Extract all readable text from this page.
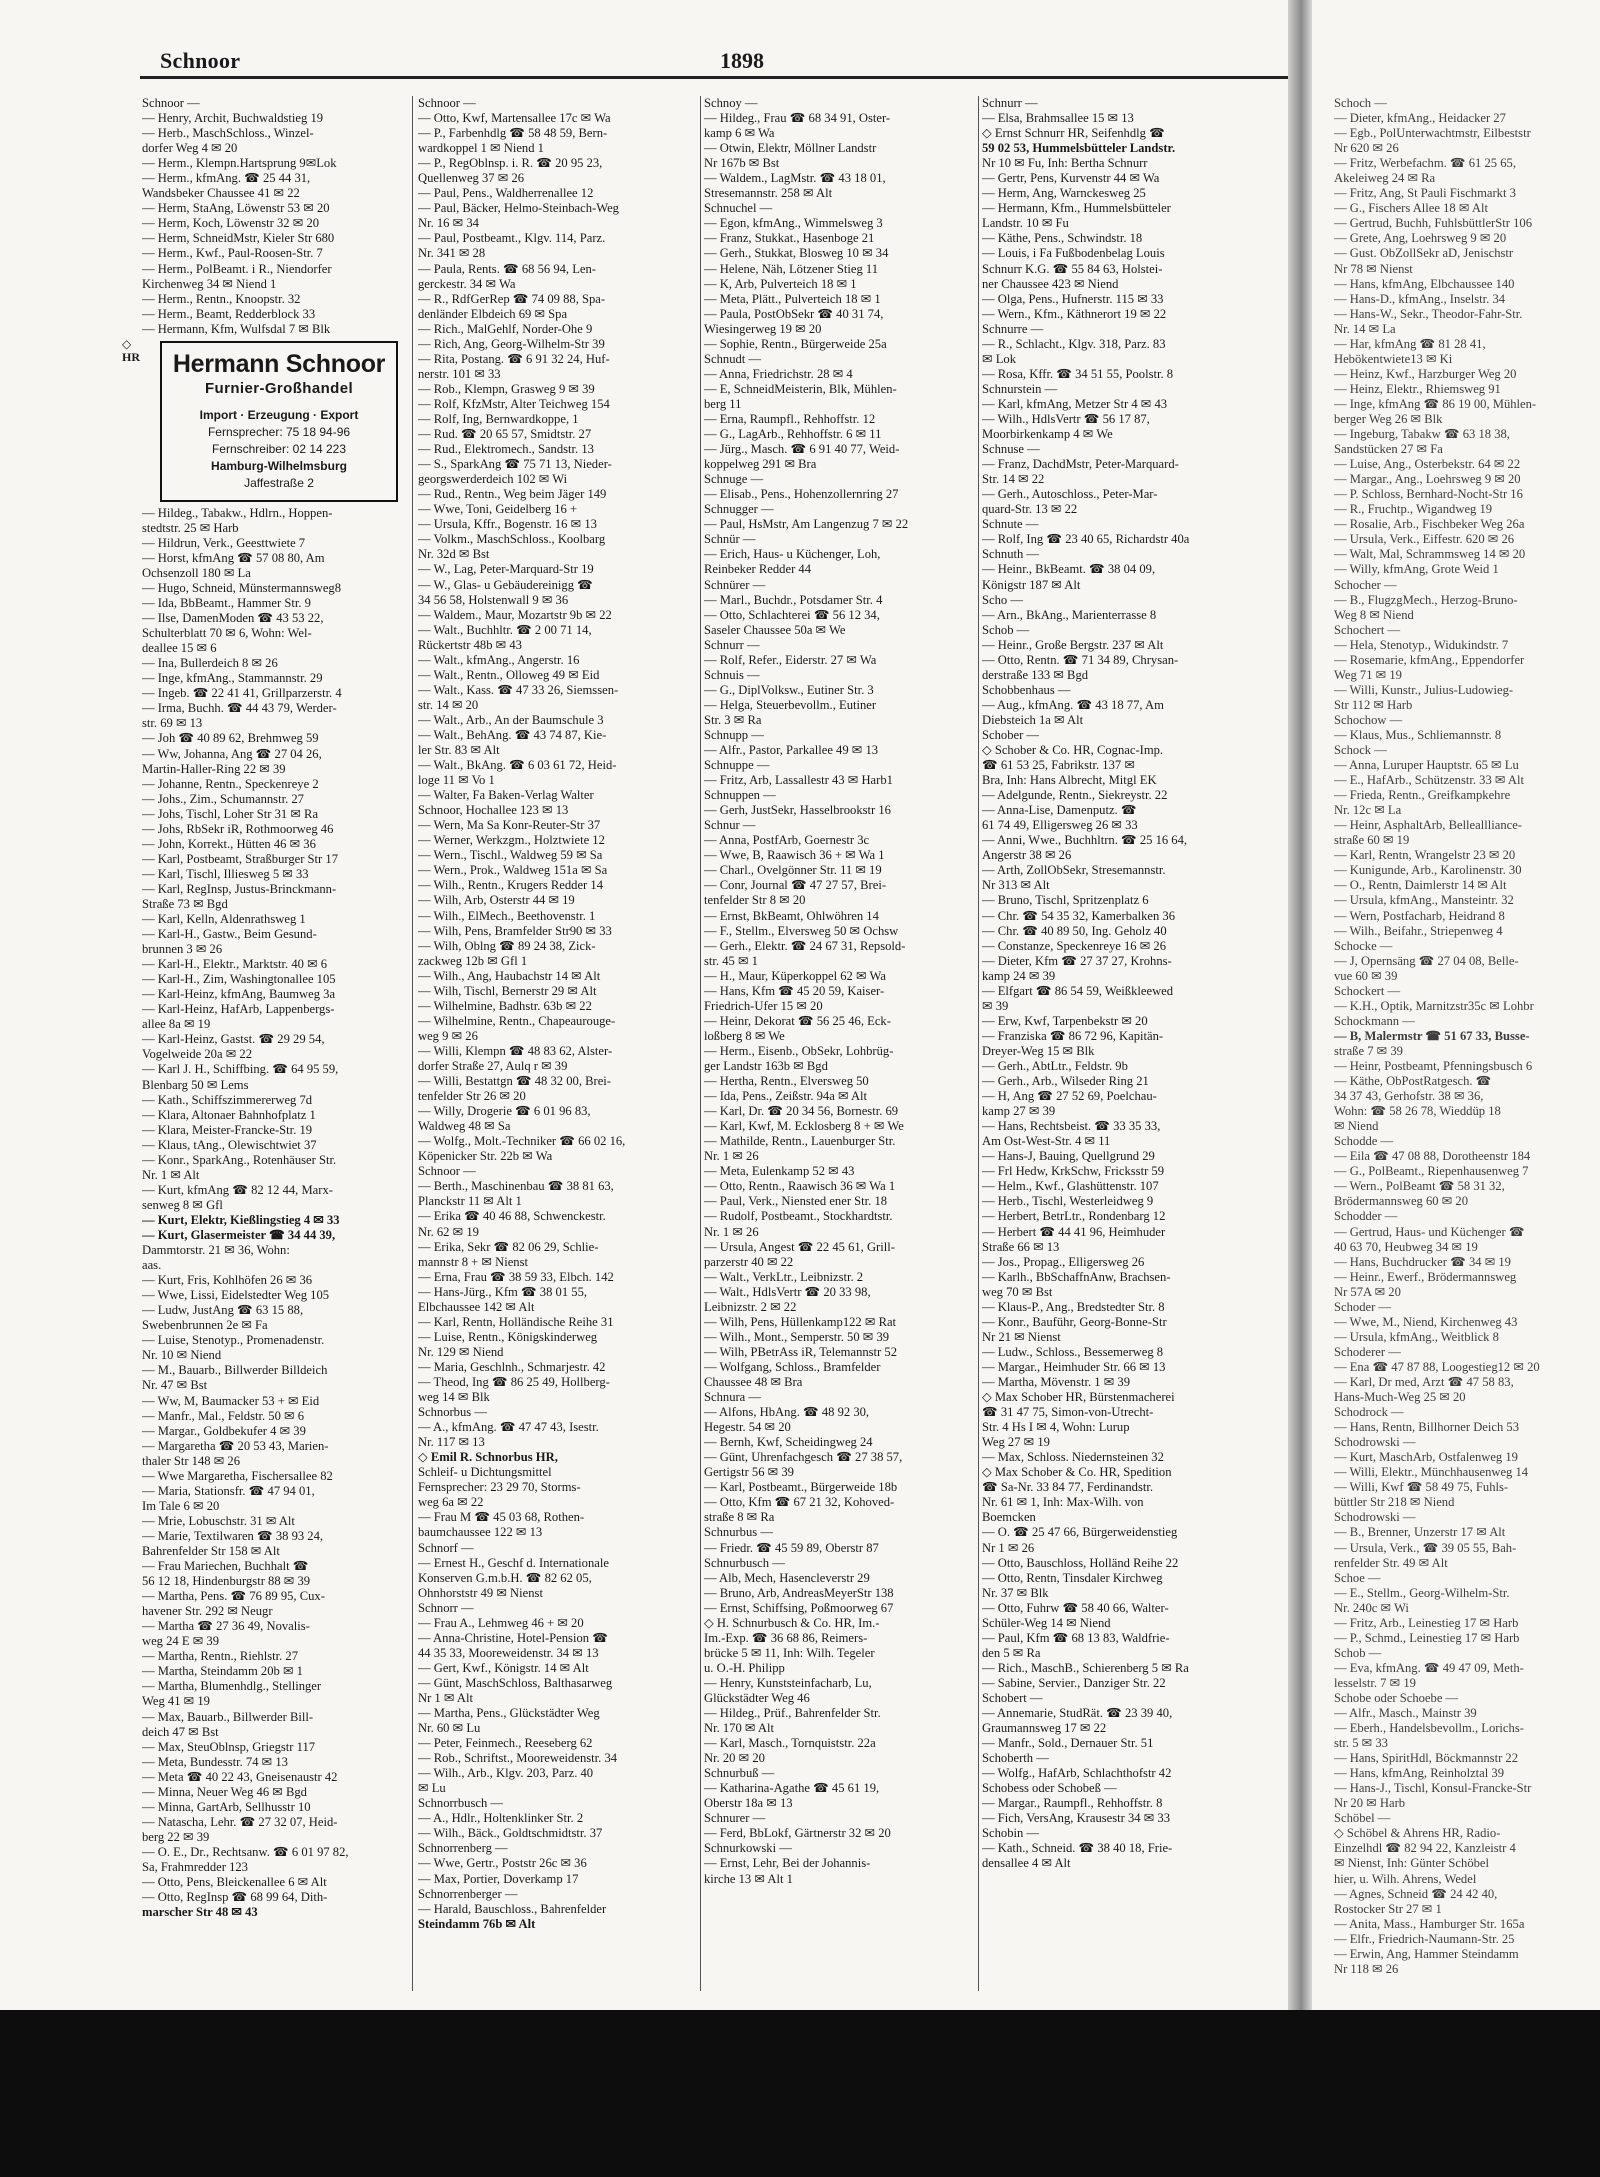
Schnoor	1898
◇
HR
Schnoor —
— Henry, Archit, Buchwaldstieg 19
— Herb., MaschSchloss., Winzel-
dorfer Weg 4 ✉ 20
— Herm., Klempn.Hartsprung 9✉Lok
— Herm., kfmAng. ☎ 25 44 31,
Wandsbeker Chaussee 41 ✉ 22
— Herm, StaAng, Löwenstr 53 ✉ 20
— Herm, Koch, Löwenstr 32 ✉ 20
— Herm, SchneidMstr, Kieler Str 680
— Herm., Kwf., Paul-Roosen-Str. 7
— Herm., PolBeamt. i R., Niendorfer
Kirchenweg 34 ✉ Niend 1
— Herm., Rentn., Knoopstr. 32
— Herm., Beamt, Redderblock 33
— Hermann, Kfm, Wulfsdal 7 ✉ Blk
Hermann Schnoor
Furnier-Großhandel
Import · Erzeugung · Export
Fernsprecher: 75 18 94-96
Fernschreiber: 02 14 223
Hamburg-Wilhelmsburg
Jaffestraße 2
— Hildeg., Tabakw., Hdlrn., Hoppen-
stedtstr. 25 ✉ Harb
— Hildrun, Verk., Geesttwiete 7
— Horst, kfmAng ☎ 57 08 80, Am
Ochsenzoll 180 ✉ La
— Hugo, Schneid, Münstermannsweg8
— Ida, BbBeamt., Hammer Str. 9
— Ilse, DamenModen ☎ 43 53 22,
Schulterblatt 70 ✉ 6, Wohn: Wel-
deallee 15 ✉ 6
— Ina, Bullerdeich 8 ✉ 26
— Inge, kfmAng., Stammannstr. 29
— Ingeb. ☎ 22 41 41, Grillparzerstr. 4
— Irma, Buchh. ☎ 44 43 79, Werder-
str. 69 ✉ 13
— Joh ☎ 40 89 62, Brehmweg 59
— Ww, Johanna, Ang ☎ 27 04 26,
Martin-Haller-Ring 22 ✉ 39
— Johanne, Rentn., Speckenreye 2
— Johs., Zim., Schumannstr. 27
— Johs, Tischl, Loher Str 31 ✉ Ra
— Johs, RbSekr iR, Rothmoorweg 46
— John, Korrekt., Hütten 46 ✉ 36
— Karl, Postbeamt, Straßburger Str 17
— Karl, Tischl, Illiesweg 5 ✉ 33
— Karl, RegInsp, Justus-Brinckmann-
Straße 73 ✉ Bgd
— Karl, Kelln, Aldenrathsweg 1
— Karl-H., Gastw., Beim Gesund-
brunnen 3 ✉ 26
— Karl-H., Elektr., Marktstr. 40 ✉ 6
— Karl-H., Zim, Washingtonallee 105
— Karl-Heinz, kfmAng, Baumweg 3a
— Karl-Heinz, HafArb, Lappenbergs-
allee 8a ✉ 19
— Karl-Heinz, Gastst. ☎ 29 29 54,
Vogelweide 20a ✉ 22
— Karl J. H., Schiffbing. ☎ 64 95 59,
Blenbarg 50 ✉ Lems
— Kath., Schiffszimmererweg 7d
— Klara, Altonaer Bahnhofplatz 1
— Klara, Meister-Francke-Str. 19
— Klaus, tAng., Olewischtwiet 37
— Konr., SparkAng., Rotenhäuser Str.
Nr. 1 ✉ Alt
— Kurt, kfmAng ☎ 82 12 44, Marx-
senweg 8 ✉ Gfl
— Kurt, Elektr, Kießlingstieg 4 ✉ 33
— Kurt, Glasermeister ☎ 34 44 39,
Dammtorstr. 21 ✉ 36, Wohn:
aas.
— Kurt, Fris, Kohlhöfen 26 ✉ 36
— Wwe, Lissi, Eidelstedter Weg 105
— Ludw, JustAng ☎ 63 15 88,
Swebenbrunnen 2e ✉ Fa
— Luise, Stenotyp., Promenadenstr.
Nr. 10 ✉ Niend
— M., Bauarb., Billwerder Billdeich
Nr. 47 ✉ Bst
— Ww, M, Baumacker 53 + ✉ Eid
— Manfr., Mal., Feldstr. 50 ✉ 6
— Margar., Goldbekufer 4 ✉ 39
— Margaretha ☎ 20 53 43, Marien-
thaler Str 148 ✉ 26
— Wwe Margaretha, Fischersallee 82
— Maria, Stationsfr. ☎ 47 94 01,
Im Tale 6 ✉ 20
— Mrie, Lobuschstr. 31 ✉ Alt
— Marie, Textilwaren ☎ 38 93 24,
Bahrenfelder Str 158 ✉ Alt
— Frau Mariechen, Buchhalt ☎
56 12 18, Hindenburgstr 88 ✉ 39
— Martha, Pens. ☎ 76 89 95, Cux-
havener Str. 292 ✉ Neugr
— Martha ☎ 27 36 49, Novalis-
weg 24 E ✉ 39
— Martha, Rentn., Riehlstr. 27
— Martha, Steindamm 20b ✉ 1
— Martha, Blumenhdlg., Stellinger
Weg 41 ✉ 19
— Max, Bauarb., Billwerder Bill-
deich 47 ✉ Bst
— Max, SteuOblnsp, Griegstr 117
— Meta, Bundesstr. 74 ✉ 13
— Meta ☎ 40 22 43, Gneisenaustr 42
— Minna, Neuer Weg 46 ✉ Bgd
— Minna, GartArb, Sellhusstr 10
— Natascha, Lehr. ☎ 27 32 07, Heid-
berg 22 ✉ 39
— O. E., Dr., Rechtsanw. ☎ 6 01 97 82,
Sa, Frahmredder 123
— Otto, Pens, Bleickenallee 6 ✉ Alt
— Otto, RegInsp ☎ 68 99 64, Dith-
marscher Str 48 ✉ 43
Schnoor —
— Otto, Kwf, Martensallee 17c ✉ Wa
— P., Farbenhdlg ☎ 58 48 59, Bern-
wardkoppel 1 ✉ Niend 1
— P., RegOblnsp. i. R. ☎ 20 95 23,
Quellenweg 37 ✉ 26
— Paul, Pens., Waldherrenallee 12
— Paul, Bäcker, Helmo-Steinbach-Weg
Nr. 16 ✉ 34
— Paul, Postbeamt., Klgv. 114, Parz.
Nr. 341 ✉ 28
— Paula, Rents. ☎ 68 56 94, Len-
gerckestr. 34 ✉ Wa
— R., RdfGerRep ☎ 74 09 88, Spa-
denländer Elbdeich 69 ✉ Spa
— Rich., MalGehlf, Norder-Ohe 9
— Rich, Ang, Georg-Wilhelm-Str 39
— Rita, Postang. ☎ 6 91 32 24, Huf-
nerstr. 101 ✉ 33
— Rob., Klempn, Grasweg 9 ✉ 39
— Rolf, KfzMstr, Alter Teichweg 154
— Rolf, Ing, Bernwardkoppe, 1
— Rud. ☎ 20 65 57, Smidtstr. 27
— Rud., Elektromech., Sandstr. 13
— S., SparkAng ☎ 75 71 13, Nieder-
georgswerderdeich 102 ✉ Wi
— Rud., Rentn., Weg beim Jäger 149
— Wwe, Toni, Geidelberg 16 +
— Ursula, Kffr., Bogenstr. 16 ✉ 13
— Volkm., MaschSchloss., Koolbarg
Nr. 32d ✉ Bst
— W., Lag, Peter-Marquard-Str 19
— W., Glas- u Gebäudereinigg ☎
34 56 58, Holstenwall 9 ✉ 36
— Waldem., Maur, Mozartstr 9b ✉ 22
— Walt., Buchhltr. ☎ 2 00 71 14,
Rückertstr 48b ✉ 43
— Walt., kfmAng., Angerstr. 16
— Walt., Rentn., Olloweg 49 ✉ Eid
— Walt., Kass. ☎ 47 33 26, Siemssen-
str. 14 ✉ 20
— Walt., Arb., An der Baumschule 3
— Walt., BehAng. ☎ 43 74 87, Kie-
ler Str. 83 ✉ Alt
— Walt., BkAng. ☎ 6 03 61 72, Heid-
loge 11 ✉ Vo 1
— Walter, Fa Baken-Verlag Walter
Schnoor, Hochallee 123 ✉ 13
— Wern, Ma Sa Konr-Reuter-Str 37
— Werner, Werkzgm., Holztwiete 12
— Wern., Tischl., Waldweg 59 ✉ Sa
— Wern., Prok., Waldweg 151a ✉ Sa
— Wilh., Rentn., Krugers Redder 14
— Wilh, Arb, Osterstr 44 ✉ 19
— Wilh., ElMech., Beethovenstr. 1
— Wilh, Pens, Bramfelder Str90 ✉ 33
— Wilh, Oblng ☎ 89 24 38, Zick-
zackweg 12b ✉ Gfl 1
— Wilh., Ang, Haubachstr 14 ✉ Alt
— Wilh, Tischl, Bernerstr 29 ✉ Alt
— Wilhelmine, Badhstr. 63b ✉ 22
— Wilhelmine, Rentn., Chapeaurouge-
weg 9 ✉ 26
— Willi, Klempn ☎ 48 83 62, Alster-
dorfer Straße 27, Aulq r ✉ 39
— Willi, Bestattgn ☎ 48 32 00, Brei-
tenfelder Str 26 ✉ 20
— Willy, Drogerie ☎ 6 01 96 83,
Waldweg 48 ✉ Sa
— Wolfg., Molt.-Techniker ☎ 66 02 16,
Köpenicker Str. 22b ✉ Wa
Schnoor —
— Berth., Maschinenbau ☎ 38 81 63,
Planckstr 11 ✉ Alt 1
— Erika ☎ 40 46 88, Schwenckestr.
Nr. 62 ✉ 19
— Erika, Sekr ☎ 82 06 29, Schlie-
mannstr 8 + ✉ Nienst
— Erna, Frau ☎ 38 59 33, Elbch. 142
— Hans-Jürg., Kfm ☎ 38 01 55,
Elbchaussee 142 ✉ Alt
— Karl, Rentn, Holländische Reihe 31
— Luise, Rentn., Königskinderweg
Nr. 129 ✉ Niend
— Maria, Geschlnh., Schmarjestr. 42
— Theod, Ing ☎ 86 25 49, Hollberg-
weg 14 ✉ Blk
Schnorbus —
— A., kfmAng. ☎ 47 47 43, Isestr.
Nr. 117 ✉ 13
◇ Emil R. Schnorbus HR,
Schleif- u Dichtungsmittel
Fernsprecher: 23 29 70, Storms-
weg 6a ✉ 22
— Frau M ☎ 45 03 68, Rothen-
baumchaussee 122 ✉ 13
Schnorf —
— Ernest H., Geschf d. Internationale
Konserven G.m.b.H. ☎ 82 62 05,
Ohnhorststr 49 ✉ Nienst
Schnorr —
— Frau A., Lehmweg 46 + ✉ 20
— Anna-Christine, Hotel-Pension ☎
44 35 33, Mooreweidenstr. 34 ✉ 13
— Gert, Kwf., Königstr. 14 ✉ Alt
— Günt, MaschSchloss, Balthasarweg
Nr 1 ✉ Alt
— Martha, Pens., Glückstädter Weg
Nr. 60 ✉ Lu
— Peter, Feinmech., Reeseberg 62
— Rob., Schriftst., Mooreweidenstr. 34
— Wilh., Arb., Klgv. 203, Parz. 40
✉ Lu
Schnorrbusch —
— A., Hdlr., Holtenklinker Str. 2
— Wilh., Bäck., Goldtschmidtstr. 37
Schnorrenberg —
— Wwe, Gertr., Poststr 26c ✉ 36
— Max, Portier, Doverkamp 17
Schnorrenberger —
— Harald, Bauschloss., Bahrenfelder
Steindamm 76b ✉ Alt
Schnoy —
— Hildeg., Frau ☎ 68 34 91, Oster-
kamp 6 ✉ Wa
— Otwin, Elektr, Möllner Landstr
Nr 167b ✉ Bst
— Waldem., LagMstr. ☎ 43 18 01,
Stresemannstr. 258 ✉ Alt
Schnuchel —
— Egon, kfmAng., Wimmelsweg 3
— Franz, Stukkat., Hasenboge 21
— Gerh., Stukkat, Blosweg 10 ✉ 34
— Helene, Näh, Lötzener Stieg 11
— K, Arb, Pulverteich 18 ✉ 1
— Meta, Plätt., Pulverteich 18 ✉ 1
— Paula, PostObSekr ☎ 40 31 74,
Wiesingerweg 19 ✉ 20
— Sophie, Rentn., Bürgerweide 25a
Schnudt —
— Anna, Friedrichstr. 28 ✉ 4
— E, SchneidMeisterin, Blk, Mühlen-
berg 11
— Erna, Raumpfl., Rehhoffstr. 12
— G., LagArb., Rehhoffstr. 6 ✉ 11
— Jürg., Masch. ☎ 6 91 40 77, Weid-
koppelweg 291 ✉ Bra
Schnuge —
— Elisab., Pens., Hohenzollernring 27
Schnugger —
— Paul, HsMstr, Am Langenzug 7 ✉ 22
Schnür —
— Erich, Haus- u Küchenger, Loh,
Reinbeker Redder 44
Schnürer —
— Marl., Buchdr., Potsdamer Str. 4
— Otto, Schlachterei ☎ 56 12 34,
Saseler Chaussee 50a ✉ We
Schnurr —
— Rolf, Refer., Eiderstr. 27 ✉ Wa
Schnuis —
— G., DiplVolksw., Eutiner Str. 3
— Helga, Steuerbevollm., Eutiner
Str. 3 ✉ Ra
Schnupp —
— Alfr., Pastor, Parkallee 49 ✉ 13
Schnuppe —
— Fritz, Arb, Lassallestr 43 ✉ Harb1
Schnuppen —
— Gerh, JustSekr, Hasselbrookstr 16
Schnur —
— Anna, PostfArb, Goernestr 3c
— Wwe, B, Raawisch 36 + ✉ Wa 1
— Charl., Ovelgönner Str. 11 ✉ 19
— Conr, Journal ☎ 47 27 57, Brei-
tenfelder Str 8 ✉ 20
— Ernst, BkBeamt, Ohlwöhren 14
— F., Stellm., Elversweg 50 ✉ Ochsw
— Gerh., Elektr. ☎ 24 67 31, Repsold-
str. 45 ✉ 1
— H., Maur, Küperkoppel 62 ✉ Wa
— Hans, Kfm ☎ 45 20 59, Kaiser-
Friedrich-Ufer 15 ✉ 20
— Heinr, Dekorat ☎ 56 25 46, Eck-
loßberg 8 ✉ We
— Herm., Eisenb., ObSekr, Lohbrüg-
ger Landstr 163b ✉ Bgd
— Hertha, Rentn., Elversweg 50
— Ida, Pens., Zeißstr. 94a ✉ Alt
— Karl, Dr. ☎ 20 34 56, Bornestr. 69
— Karl, Kwf, M. Ecklosberg 8 + ✉ We
— Mathilde, Rentn., Lauenburger Str.
Nr. 1 ✉ 26
— Meta, Eulenkamp 52 ✉ 43
— Otto, Rentn., Raawisch 36 ✉ Wa 1
— Paul, Verk., Niensted ener Str. 18
— Rudolf, Postbeamt., Stockhardtstr.
Nr. 1 ✉ 26
— Ursula, Angest ☎ 22 45 61, Grill-
parzerstr 40 ✉ 22
— Walt., VerkLtr., Leibnizstr. 2
— Walt., HdlsVertr ☎ 20 33 98,
Leibnizstr. 2 ✉ 22
— Wilh, Pens, Hüllenkamp122 ✉ Rat
— Wilh., Mont., Semperstr. 50 ✉ 39
— Wilh, PBetrAss iR, Telemannstr 52
— Wolfgang, Schloss., Bramfelder
Chaussee 48 ✉ Bra
Schnura —
— Alfons, HbAng. ☎ 48 92 30,
Hegestr. 54 ✉ 20
— Bernh, Kwf, Scheidingweg 24
— Günt, Uhrenfachgesch ☎ 27 38 57,
Gertigstr 56 ✉ 39
— Karl, Postbeamt., Bürgerweide 18b
— Otto, Kfm ☎ 67 21 32, Kohoved-
straße 8 ✉ Ra
Schnurbus —
— Friedr. ☎ 45 59 89, Oberstr 87
Schnurbusch —
— Alb, Mech, Hasencleverstr 29
— Bruno, Arb, AndreasMeyerStr 138
— Ernst, Schiffsing, Poßmoorweg 67
◇ H. Schnurbusch & Co. HR, Im.-
Im.-Exp. ☎ 36 68 86, Reimers-
brücke 5 ✉ 11, Inh: Wilh. Tegeler
u. O.-H. Philipp
— Henry, Kunststeinfacharb, Lu,
Glückstädter Weg 46
— Hildeg., Prüf., Bahrenfelder Str.
Nr. 170 ✉ Alt
— Karl, Masch., Tornquiststr. 22a
Nr. 20 ✉ 20
Schnurbuß —
— Katharina-Agathe ☎ 45 61 19,
Oberstr 18a ✉ 13
Schnurer —
— Ferd, BbLokf, Gärtnerstr 32 ✉ 20
Schnurkowski —
— Ernst, Lehr, Bei der Johannis-
kirche 13 ✉ Alt 1
Schnurr —
— Elsa, Brahmsallee 15 ✉ 13
◇ Ernst Schnurr HR, Seifenhdlg ☎
59 02 53, Hummelsbütteler Landstr.
Nr 10 ✉ Fu, Inh: Bertha Schnurr
— Gertr, Pens, Kurvenstr 44 ✉ Wa
— Herm, Ang, Warnckesweg 25
— Hermann, Kfm., Hummelsbütteler
Landstr. 10 ✉ Fu
— Käthe, Pens., Schwindstr. 18
— Louis, i Fa Fußbodenbelag Louis
Schnurr K.G. ☎ 55 84 63, Holstei-
ner Chaussee 423 ✉ Niend
— Olga, Pens., Hufnerstr. 115 ✉ 33
— Wern., Kfm., Käthnerort 19 ✉ 22
Schnurre —
— R., Schlacht., Klgv. 318, Parz. 83
✉ Lok
— Rosa, Kffr. ☎ 34 51 55, Poolstr. 8
Schnurstein —
— Karl, kfmAng, Metzer Str 4 ✉ 43
— Wilh., HdlsVertr ☎ 56 17 87,
Moorbirkenkamp 4 ✉ We
Schnuse —
— Franz, DachdMstr, Peter-Marquard-
Str. 14 ✉ 22
— Gerh., Autoschloss., Peter-Mar-
quard-Str. 13 ✉ 22
Schnute —
— Rolf, Ing ☎ 23 40 65, Richardstr 40a
Schnuth —
— Heinr., BkBeamt. ☎ 38 04 09,
Königstr 187 ✉ Alt
Scho —
— Arn., BkAng., Marienterrasse 8
Schob —
— Heinr., Große Bergstr. 237 ✉ Alt
— Otto, Rentn. ☎ 71 34 89, Chrysan-
derstraße 133 ✉ Bgd
Schobbenhaus —
— Aug., kfmAng. ☎ 43 18 77, Am
Diebsteich 1a ✉ Alt
Schober —
◇ Schober & Co. HR, Cognac-Imp.
☎ 61 53 25, Fabrikstr. 137 ✉
Bra, Inh: Hans Albrecht, Mitgl EK
— Adelgunde, Rentn., Siekreystr. 22
— Anna-Lise, Damenputz. ☎
61 74 49, Elligersweg 26 ✉ 33
— Anni, Wwe., Buchhltrn. ☎ 25 16 64,
Angerstr 38 ✉ 26
— Arth, ZollObSekr, Stresemannstr.
Nr 313 ✉ Alt
— Bruno, Tischl, Spritzenplatz 6
— Chr. ☎ 54 35 32, Kamerbalken 36
— Chr. ☎ 40 89 50, Ing. Geholz 40
— Constanze, Speckenreye 16 ✉ 26
— Dieter, Kfm ☎ 27 37 27, Krohns-
kamp 24 ✉ 39
— Elfgart ☎ 86 54 59, Weißkleewed
✉ 39
— Erw, Kwf, Tarpenbekstr ✉ 20
— Franziska ☎ 86 72 96, Kapitän-
Dreyer-Weg 15 ✉ Blk
— Gerh., AbtLtr., Feldstr. 9b
— Gerh., Arb., Wilseder Ring 21
— H, Ang ☎ 27 52 69, Poelchau-
kamp 27 ✉ 39
— Hans, Rechtsbeist. ☎ 33 35 33,
Am Ost-West-Str. 4 ✉ 11
— Hans-J, Bauing, Quellgrund 29
— Frl Hedw, KrkSchw, Fricksstr 59
— Helm., Kwf., Glashüttenstr. 107
— Herb., Tischl, Westerleidweg 9
— Herbert, BetrLtr., Rondenbarg 12
— Herbert ☎ 44 41 96, Heimhuder
Straße 66 ✉ 13
— Jos., Propag., Elligersweg 26
— Karlh., BbSchaffnAnw, Brachsen-
weg 70 ✉ Bst
— Klaus-P., Ang., Bredstedter Str. 8
— Konr., Bauführ, Georg-Bonne-Str
Nr 21 ✉ Nienst
— Ludw., Schloss., Bessemerweg 8
— Margar., Heimhuder Str. 66 ✉ 13
— Martha, Mövenstr. 1 ✉ 39
◇ Max Schober HR, Bürstenmacherei
☎ 31 47 75, Simon-von-Utrecht-
Str. 4 Hs I ✉ 4, Wohn: Lurup
Weg 27 ✉ 19
— Max, Schloss. Niedernsteinen 32
◇ Max Schober & Co. HR, Spedition
☎ Sa-Nr. 33 84 77, Ferdinandstr.
Nr. 61 ✉ 1, Inh: Max-Wilh. von
Boemcken
— O. ☎ 25 47 66, Bürgerweidenstieg
Nr 1 ✉ 26
— Otto, Bauschloss, Holländ Reihe 22
— Otto, Rentn, Tinsdaler Kirchweg
Nr. 37 ✉ Blk
— Otto, Fuhrw ☎ 58 40 66, Walter-
Schüler-Weg 14 ✉ Niend
— Paul, Kfm ☎ 68 13 83, Waldfrie-
den 5 ✉ Ra
— Rich., MaschB., Schierenberg 5 ✉ Ra
— Sabine, Servier., Danziger Str. 22
Schobert —
— Annemarie, StudRät. ☎ 23 39 40,
Graumannsweg 17 ✉ 22
— Manfr., Sold., Dernauer Str. 51
Schoberth —
— Wolfg., HafArb, Schlachthofstr 42
Schobess oder Schobeß —
— Margar., Raumpfl., Rehhoffstr. 8
— Fich, VersAng, Krausestr 34 ✉ 33
Schobin —
— Kath., Schneid. ☎ 38 40 18, Frie-
densallee 4 ✉ Alt
Schoch —
— Dieter, kfmAng., Heidacker 27
— Egb., PolUnterwachtmstr, Eilbeststr
Nr 620 ✉ 26
— Fritz, Werbefachm. ☎ 61 25 65,
Akeleiweg 24 ✉ Ra
— Fritz, Ang, St Pauli Fischmarkt 3
— G., Fischers Allee 18 ✉ Alt
— Gertrud, Buchh, FuhlsbüttlerStr 106
— Grete, Ang, Loehrsweg 9 ✉ 20
— Gust. ObZollSekr aD, Jenischstr
Nr 78 ✉ Nienst
— Hans, kfmAng, Elbchaussee 140
— Hans-D., kfmAng., Inselstr. 34
— Hans-W., Sekr., Theodor-Fahr-Str.
Nr. 14 ✉ La
— Har, kfmAng ☎ 81 28 41,
Hebökentwiete13 ✉ Ki
— Heinz, Kwf., Harzburger Weg 20
— Heinz, Elektr., Rhiemsweg 91
— Inge, kfmAng ☎ 86 19 00, Mühlen-
berger Weg 26 ✉ Blk
— Ingeburg, Tabakw ☎ 63 18 38,
Sandstücken 27 ✉ Fa
— Luise, Ang., Osterbekstr. 64 ✉ 22
— Margar., Ang., Loehrsweg 9 ✉ 20
— P. Schloss, Bernhard-Nocht-Str 16
— R., Fruchtp., Wigandweg 19
— Rosalie, Arb., Fischbeker Weg 26a
— Ursula, Verk., Eiffestr. 620 ✉ 26
— Walt, Mal, Schrammsweg 14 ✉ 20
— Willy, kfmAng, Grote Weid 1
Schocher —
— B., FlugzgMech., Herzog-Bruno-
Weg 8 ✉ Niend
Schochert —
— Hela, Stenotyp., Widukindstr. 7
— Rosemarie, kfmAng., Eppendorfer
Weg 71 ✉ 19
— Willi, Kunstr., Julius-Ludowieg-
Str 112 ✉ Harb
Schochow —
— Klaus, Mus., Schliemannstr. 8
Schock —
— Anna, Luruper Hauptstr. 65 ✉ Lu
— E., HafArb., Schützenstr. 33 ✉ Alt
— Frieda, Rentn., Greifkampkehre
Nr. 12c ✉ La
— Heinr, AsphaltArb, Belleallliance-
straße 60 ✉ 19
— Karl, Rentn, Wrangelstr 23 ✉ 20
— Kunigunde, Arb., Karolinenstr. 30
— O., Rentn, Daimlerstr 14 ✉ Alt
— Ursula, kfmAng., Mansteintr. 32
— Wern, Postfacharb, Heidrand 8
— Wilh., Beifahr., Striepenweg 4
Schocke —
— J, Opernsäng ☎ 27 04 08, Belle-
vue 60 ✉ 39
Schockert —
— K.H., Optik, Marnitzstr35c ✉ Lohbr
Schockmann —
— B, Malermstr ☎ 51 67 33, Busse-
straße 7 ✉ 39
— Heinr, Postbeamt, Pfenningsbusch 6
— Käthe, ObPostRatgesch. ☎
34 37 43, Gerhofstr. 38 ✉ 36,
Wohn: ☎ 58 26 78, Wieddüp 18
✉ Niend
Schodde —
— Eila ☎ 47 08 88, Dorotheenstr 184
— G., PolBeamt., Riepenhausenweg 7
— Wern., PolBeamt ☎ 58 31 32,
Brödermannsweg 60 ✉ 20
Schodder —
— Gertrud, Haus- und Küchenger ☎
40 63 70, Heubweg 34 ✉ 19
— Hans, Buchdrucker ☎ 34 ✉ 19
— Heinr., Ewerf., Brödermannsweg
Nr 57A ✉ 20
Schoder —
— Wwe, M., Niend, Kirchenweg 43
— Ursula, kfmAng., Weitblick 8
Schoderer —
— Ena ☎ 47 87 88, Loogestieg12 ✉ 20
— Karl, Dr med, Arzt ☎ 47 58 83,
Hans-Much-Weg 25 ✉ 20
Schodrock —
— Hans, Rentn, Billhorner Deich 53
Schodrowski —
— Kurt, MaschArb, Ostfalenweg 19
— Willi, Elektr., Münchhausenweg 14
— Willi, Kwf ☎ 58 49 75, Fuhls-
büttler Str 218 ✉ Niend
Schodrowski —
— B., Brenner, Unzerstr 17 ✉ Alt
— Ursula, Verk., ☎ 39 05 55, Bah-
renfelder Str. 49 ✉ Alt
Schoe —
— E., Stellm., Georg-Wilhelm-Str.
Nr. 240c ✉ Wi
— Fritz, Arb., Leinestieg 17 ✉ Harb
— P., Schmd., Leinestieg 17 ✉ Harb
Schob —
— Eva, kfmAng. ☎ 49 47 09, Meth-
lesselstr. 7 ✉ 19
Schobe oder Schoebe —
— Alfr., Masch., Mainstr 39
— Eberh., Handelsbevollm., Lorichs-
str. 5 ✉ 33
— Hans, SpiritHdl, Böckmannstr 22
— Hans, kfmAng, Reinholztal 39
— Hans-J., Tischl, Konsul-Francke-Str
Nr 20 ✉ Harb
Schöbel —
◇ Schöbel & Ahrens HR, Radio-
Einzelhdl ☎ 82 94 22, Kanzleistr 4
✉ Nienst, Inh: Günter Schöbel
hier, u. Wilh. Ahrens, Wedel
— Agnes, Schneid ☎ 24 42 40,
Rostocker Str 27 ✉ 1
— Anita, Mass., Hamburger Str. 165a
— Elfr., Friedrich-Naumann-Str. 25
— Erwin, Ang, Hammer Steindamm
Nr 118 ✉ 26
